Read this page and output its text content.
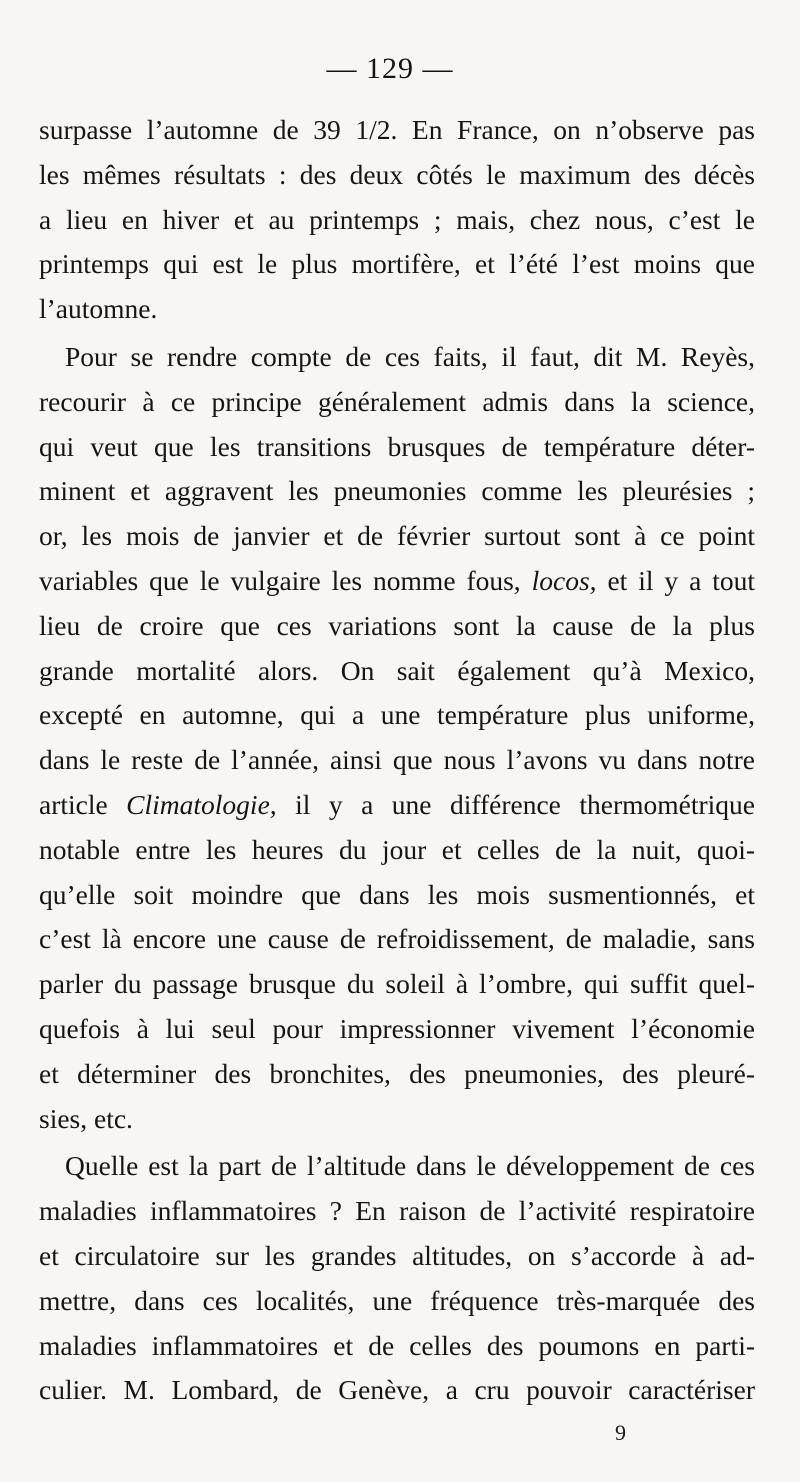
— 129 —
surpasse l’automne de 39 1/2. En France, on n’observe pas
les mêmes résultats : des deux côtés le maximum des décès
a lieu en hiver et au printemps ; mais, chez nous, c’est le
printemps qui est le plus mortifère, et l’été l’est moins que
l’automne.
Pour se rendre compte de ces faits, il faut, dit M. Reyès,
recourir à ce principe généralement admis dans la science,
qui veut que les transitions brusques de température déter-
minent et aggravent les pneumonies comme les pleurésies ;
or, les mois de janvier et de février surtout sont à ce point
variables que le vulgaire les nomme fous, locos, et il y a tout
lieu de croire que ces variations sont la cause de la plus
grande mortalité alors. On sait également qu’à Mexico,
excepté en automne, qui a une température plus uniforme,
dans le reste de l’année, ainsi que nous l’avons vu dans notre
article Climatologie, il y a une différence thermométrique
notable entre les heures du jour et celles de la nuit, quoi-
qu’elle soit moindre que dans les mois susmentionnés, et
c’est là encore une cause de refroidissement, de maladie, sans
parler du passage brusque du soleil à l’ombre, qui suffit quel-
quefois à lui seul pour impressionner vivement l’économie
et déterminer des bronchites, des pneumonies, des pleuré-
sies, etc.
Quelle est la part de l’altitude dans le développement de ces
maladies inflammatoires ? En raison de l’activité respiratoire
et circulatoire sur les grandes altitudes, on s’accorde à ad-
mettre, dans ces localités, une fréquence très-marquée des
maladies inflammatoires et de celles des poumons en parti-
culier. M. Lombard, de Genève, a cru pouvoir caractériser
9
